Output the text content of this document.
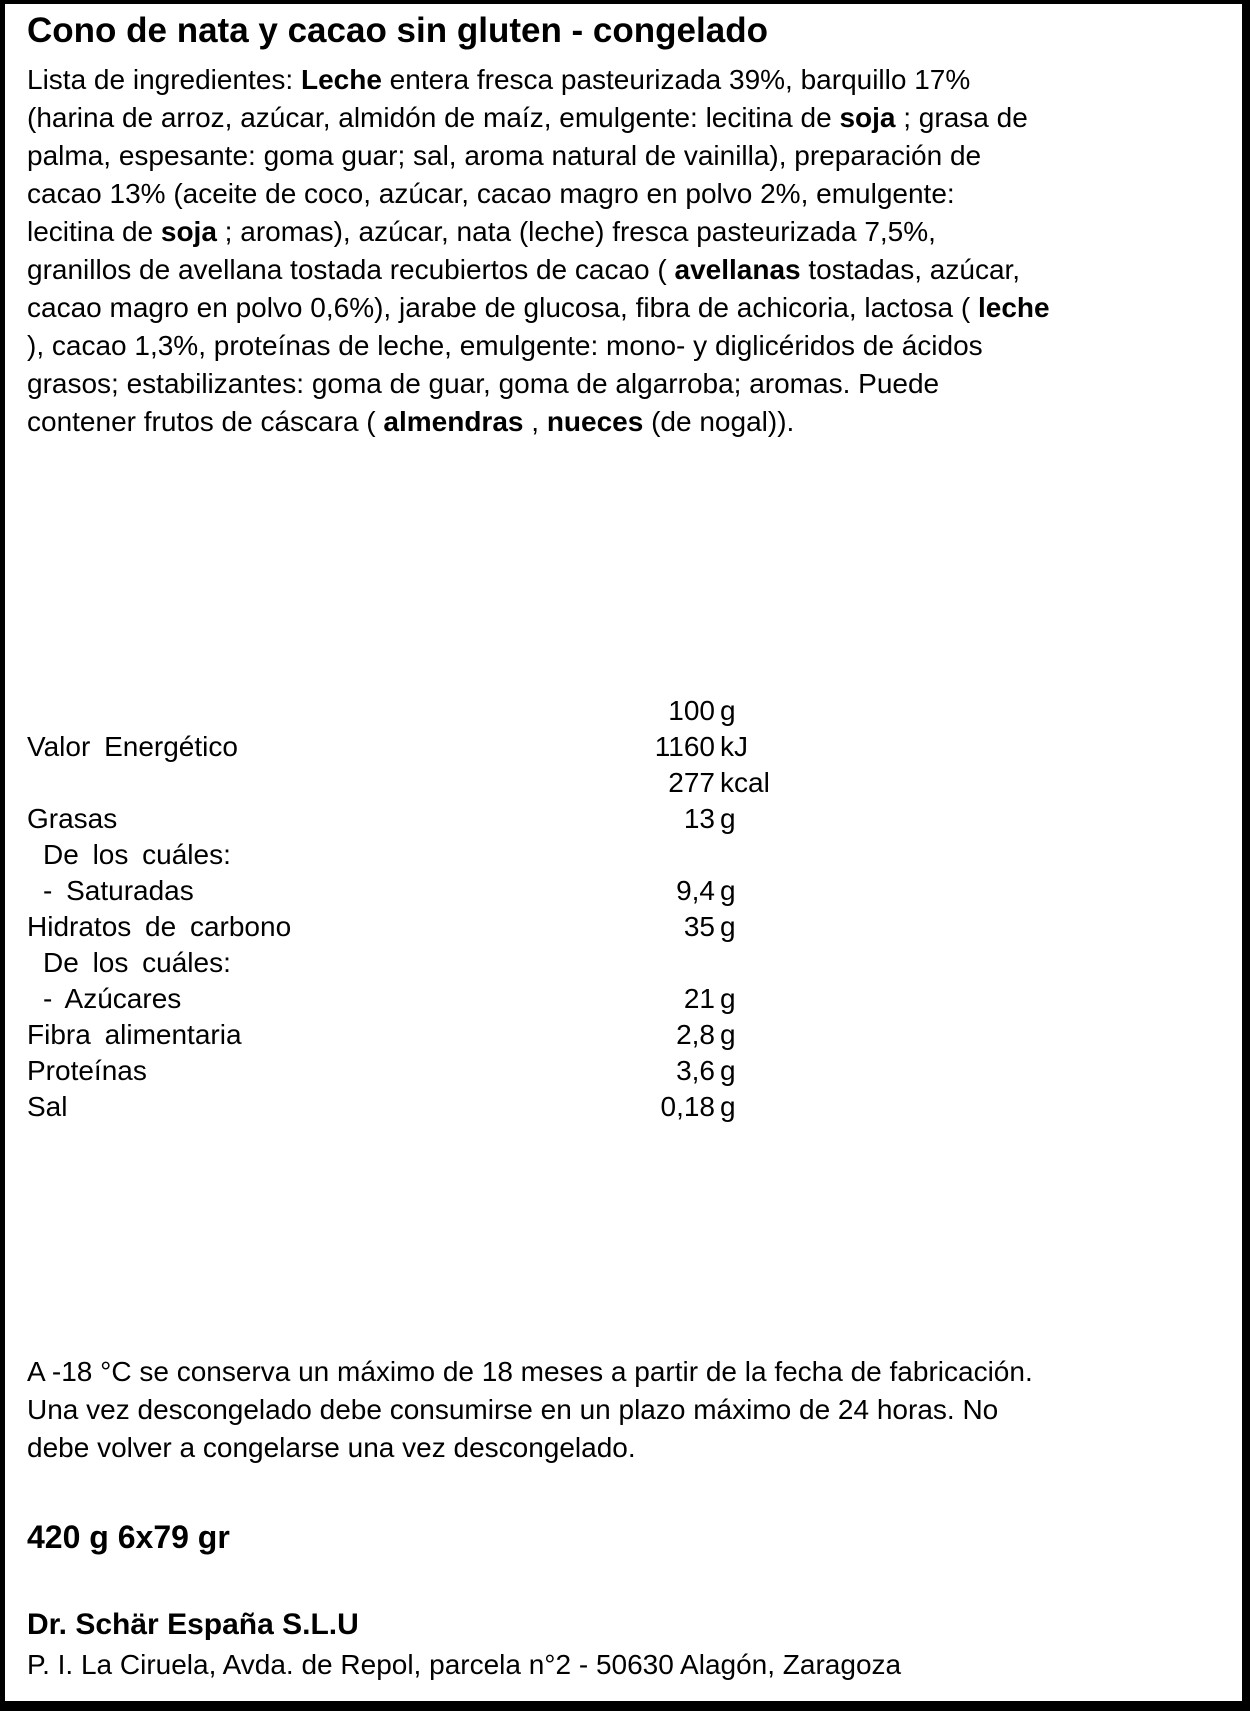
Cono de nata y cacao sin gluten - congelado
Lista de ingredientes: Leche entera fresca pasteurizada 39%, barquillo 17%
(harina de arroz, azúcar, almidón de maíz, emulgente: lecitina de soja ; grasa de
palma, espesante: goma guar; sal, aroma natural de vainilla), preparación de
cacao 13% (aceite de coco, azúcar, cacao magro en polvo 2%, emulgente:
lecitina de soja ; aromas), azúcar, nata (leche) fresca pasteurizada 7,5%,
granillos de avellana tostada recubiertos de cacao ( avellanas tostadas, azúcar,
cacao magro en polvo 0,6%), jarabe de glucosa, fibra de achicoria, lactosa ( leche
), cacao 1,3%, proteínas de leche, emulgente: mono- y diglicéridos de ácidos
grasos; estabilizantes: goma de guar, goma de algarroba; aromas. Puede
contener frutos de cáscara ( almendras , nueces (de nogal)).
100 g
Valor Energético	1160 kJ
277 kcal
Grasas	13 g
De los cuáles:
- Saturadas	9,4 g
Hidratos de carbono	35 g
De los cuáles:
- Azúcares	21 g
Fibra alimentaria	2,8 g
Proteínas	3,6 g
Sal	0,18 g
A -18 °C se conserva un máximo de 18 meses a partir de la fecha de fabricación.
Una vez descongelado debe consumirse en un plazo máximo de 24 horas. No
debe volver a congelarse una vez descongelado.
420 g 6x79 gr
Dr. Schär España S.L.U
P. I. La Ciruela, Avda. de Repol, parcela n°2 - 50630 Alagón, Zaragoza
